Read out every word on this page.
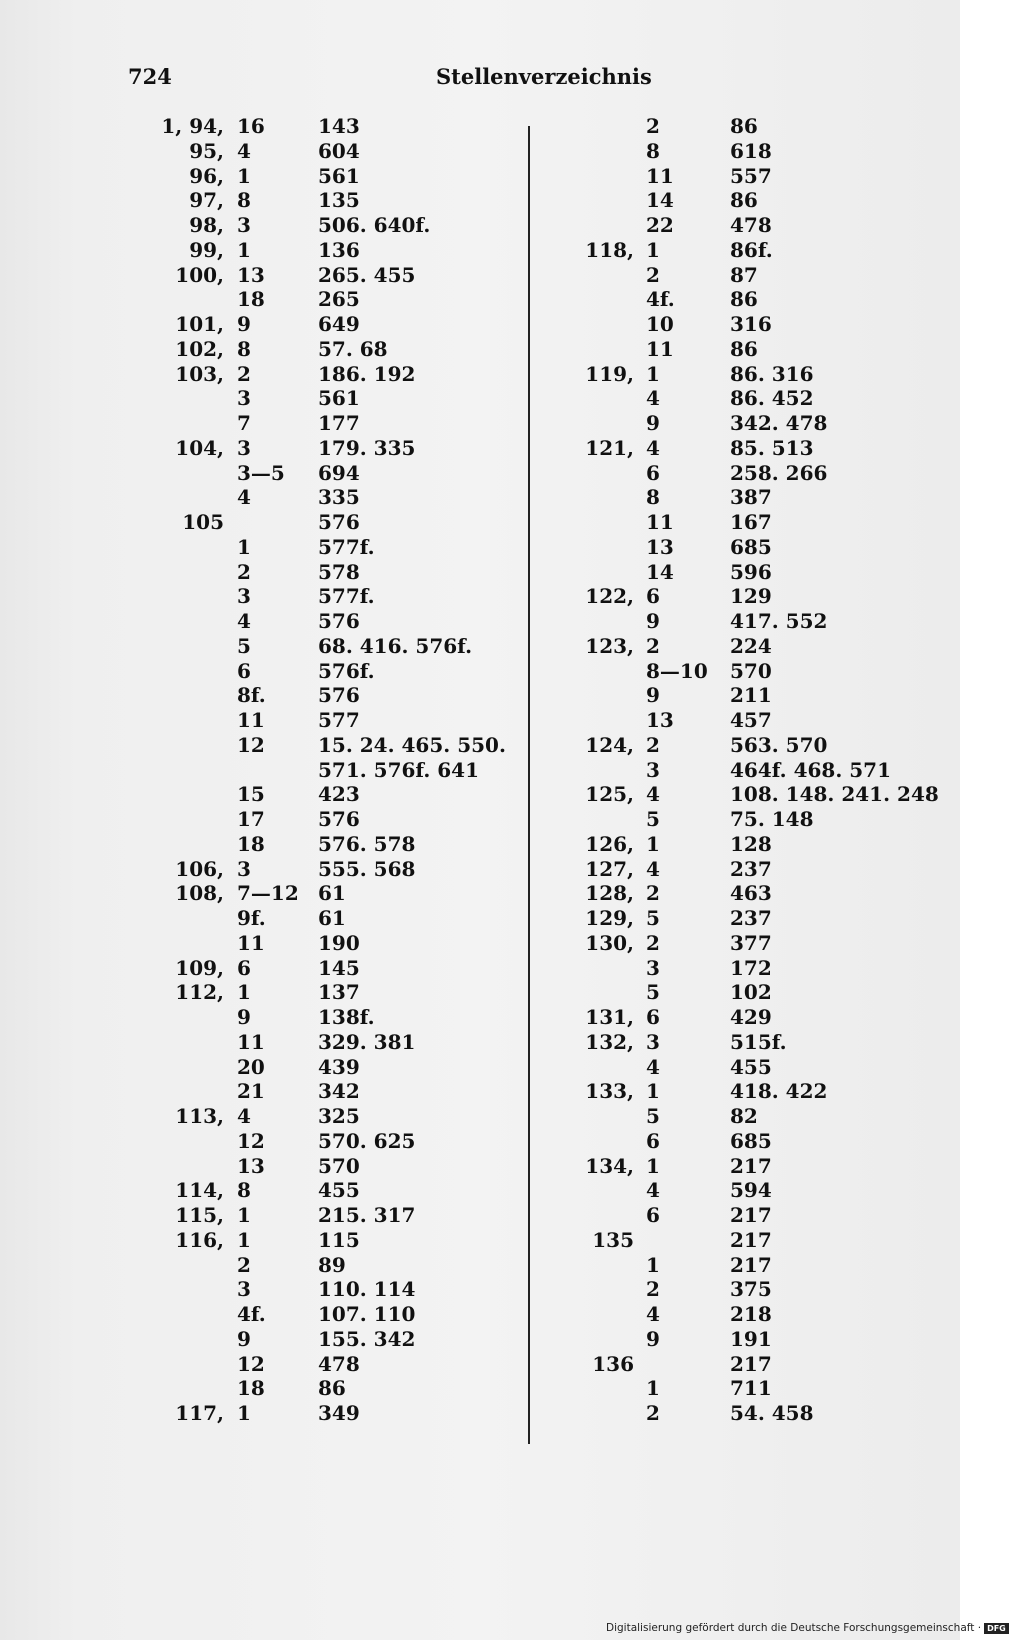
724	Stellenverzeichnis
1, 94, 16	143
95, 4	604
96, 1	561
97, 8	135
98, 3	506. 640f.
99, 1	136
100, 13	265. 455
18	265
101, 9	649
102, 8	57. 68
103, 2	186. 192
3	561
7	177
104, 3	179. 335
3—5 694
4	335
105	576
1	577f.
2	578
3	577f.
4	576
5	68. 416. 576f.
6	576f.
8f.	576
11	577
12	15. 24. 465. 550.
571. 576f. 641
15	423
17	576
18	576. 578
106, 3	555. 568
108, 7—12 61
9f.	61
11	190
109, 6	145
112, 1	137
9	138f.
11	329. 381
20	439
21	342
113, 4	325
12	570. 625
13	570
114, 8	455
115, 1	215. 317
116, 1	115
2	89
3	110. 114
4f.	107. 110
9	155. 342
12	478
18	86
117, 1	349
2	86
8	618
11	557
14	86
22	478
118, 1	86f.
2	87
4f.	86
10	316
11	86
119, 1	86. 316
4	86. 452
9	342. 478
121, 4	85. 513
6	258. 266
8	387
11	167
13	685
14	596
122, 6	129
9	417. 552
123, 2	224
8—10 570
9	211
13	457
124, 2	563. 570
3	464f. 468. 571
125, 4	108. 148. 241. 248
5	75. 148
126, 1	128
127, 4	237
128, 2	463
129, 5	237
130, 2	377
3	172
5	102
131, 6	429
132, 3	515f.
4	455
133, 1	418. 422
5	82
6	685
134, 1	217
4	594
6	217
135	217
1	217
2	375
4	218
9	191
136	217
1	711
2	54. 458
Digitalisierung gefördert durch die Deutsche Forschungsgemeinschaft · DFG
